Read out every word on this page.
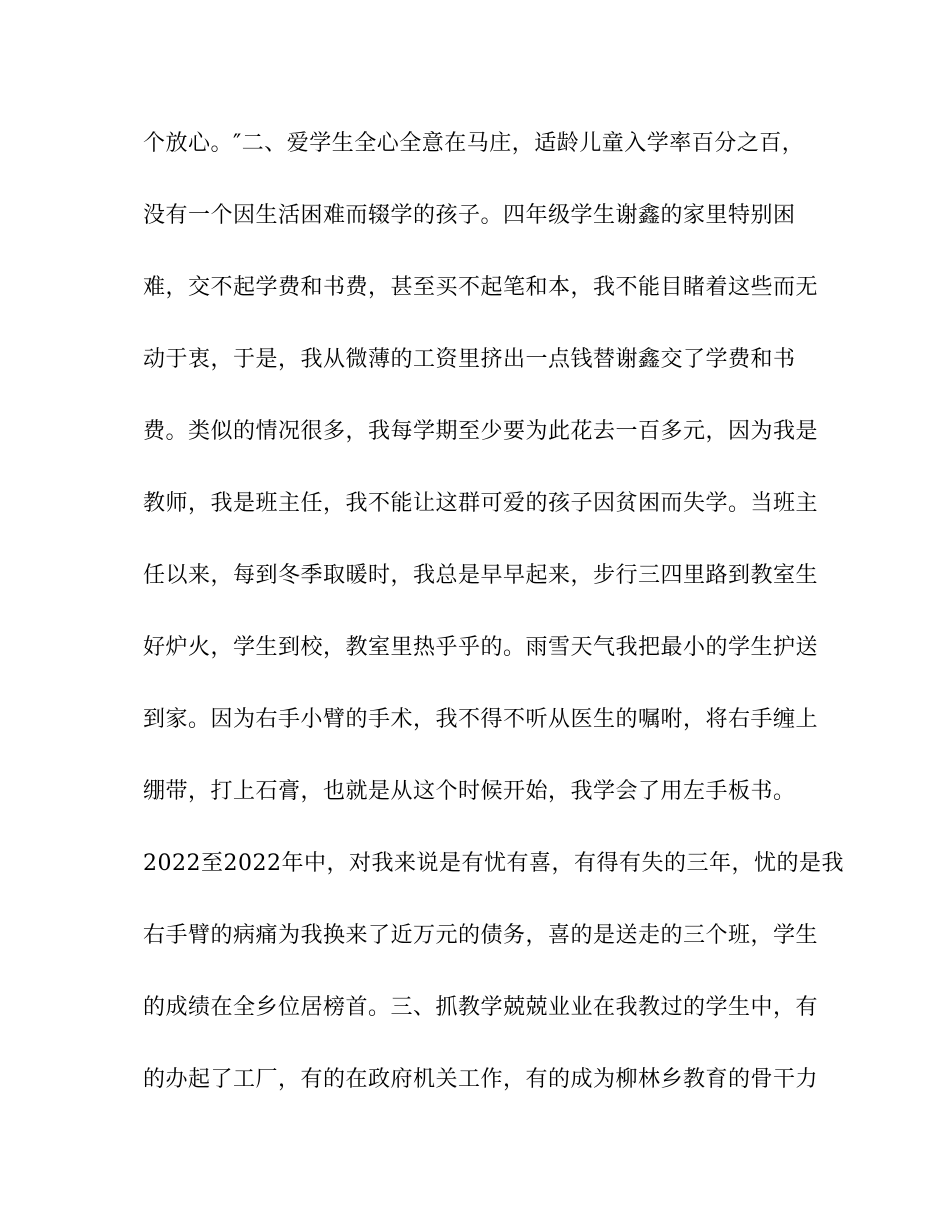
个放心。″二、爱学生全心全意在马庄，适龄儿童入学率百分之百，
没有一个因生活困难而辍学的孩子。四年级学生谢鑫的家里特别困
难，交不起学费和书费，甚至买不起笔和本，我不能目睹着这些而无
动于衷，于是，我从微薄的工资里挤出一点钱替谢鑫交了学费和书
费。类似的情况很多，我每学期至少要为此花去一百多元，因为我是
教师，我是班主任，我不能让这群可爱的孩子因贫困而失学。当班主
任以来，每到冬季取暖时，我总是早早起来，步行三四里路到教室生
好炉火，学生到校，教室里热乎乎的。雨雪天气我把最小的学生护送
到家。因为右手小臂的手术，我不得不听从医生的嘱咐，将右手缠上
绷带，打上石膏，也就是从这个时候开始，我学会了用左手板书。
2022至2022年中，对我来说是有忧有喜，有得有失的三年，忧的是我
右手臂的病痛为我换来了近万元的债务，喜的是送走的三个班，学生
的成绩在全乡位居榜首。三、抓教学兢兢业业在我教过的学生中，有
的办起了工厂，有的在政府机关工作，有的成为柳林乡教育的骨干力
